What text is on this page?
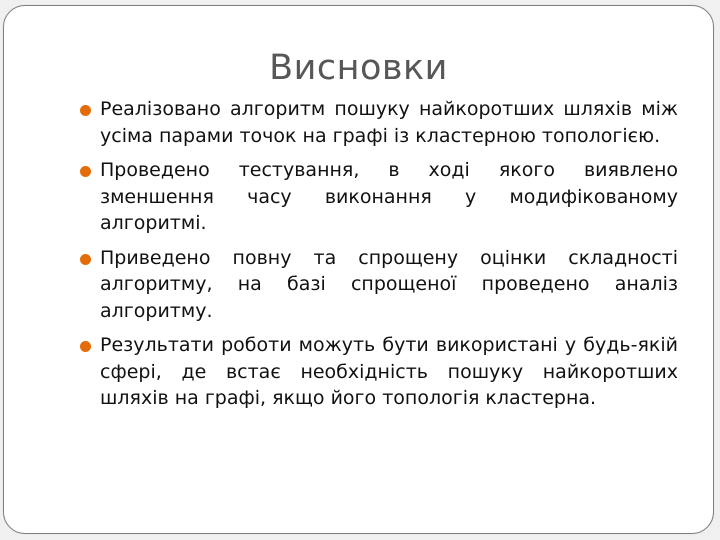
Висновки
Реалізовано алгоритм пошуку найкоротших шляхів між усіма парами точок на графі із кластерною топологією.
Проведено тестування, в ході якого виявлено зменшення часу виконання у модифікованому алгоритмі.
Приведено повну та спрощену оцінки складності алгоритму, на базі спрощеної проведено аналіз алгоритму.
Результати роботи можуть бути використані у будь-якій сфері, де встає необхідність пошуку найкоротших шляхів на графі, якщо його топологія кластерна.
